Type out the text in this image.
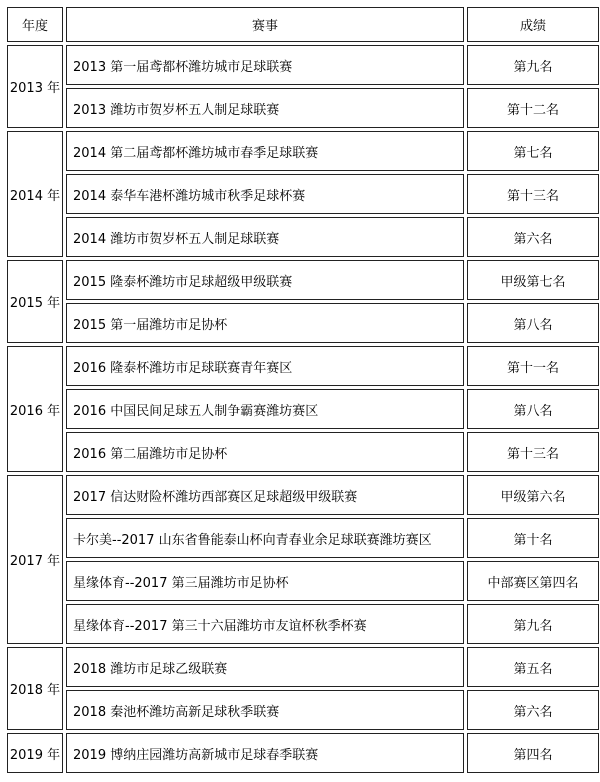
年度	赛事	成绩
2013 年	2013 第一届鸢都杯潍坊城市足球联赛	第九名
	2013 潍坊市贺岁杯五人制足球联赛	第十二名
2014 年	2014 第二届鸢都杯潍坊城市春季足球联赛	第七名
	2014 泰华车港杯潍坊城市秋季足球杯赛	第十三名
	2014 潍坊市贺岁杯五人制足球联赛	第六名
2015 年	2015 隆泰杯潍坊市足球超级甲级联赛	甲级第七名
	2015 第一届潍坊市足协杯	第八名
2016 年	2016 隆泰杯潍坊市足球联赛青年赛区	第十一名
	2016 中国民间足球五人制争霸赛潍坊赛区	第八名
	2016 第二届潍坊市足协杯	第十三名
2017 年	2017 信达财险杯潍坊西部赛区足球超级甲级联赛	甲级第六名
	卡尔美--2017 山东省鲁能泰山杯向青春业余足球联赛潍坊赛区	第十名
	星缘体育--2017 第三届潍坊市足协杯	中部赛区第四名
	星缘体育--2017 第三十六届潍坊市友谊杯秋季杯赛	第九名
2018 年	2018 潍坊市足球乙级联赛	第五名
	2018 秦池杯潍坊高新足球秋季联赛	第六名
2019 年	2019 博纳庄园潍坊高新城市足球春季联赛	第四名
